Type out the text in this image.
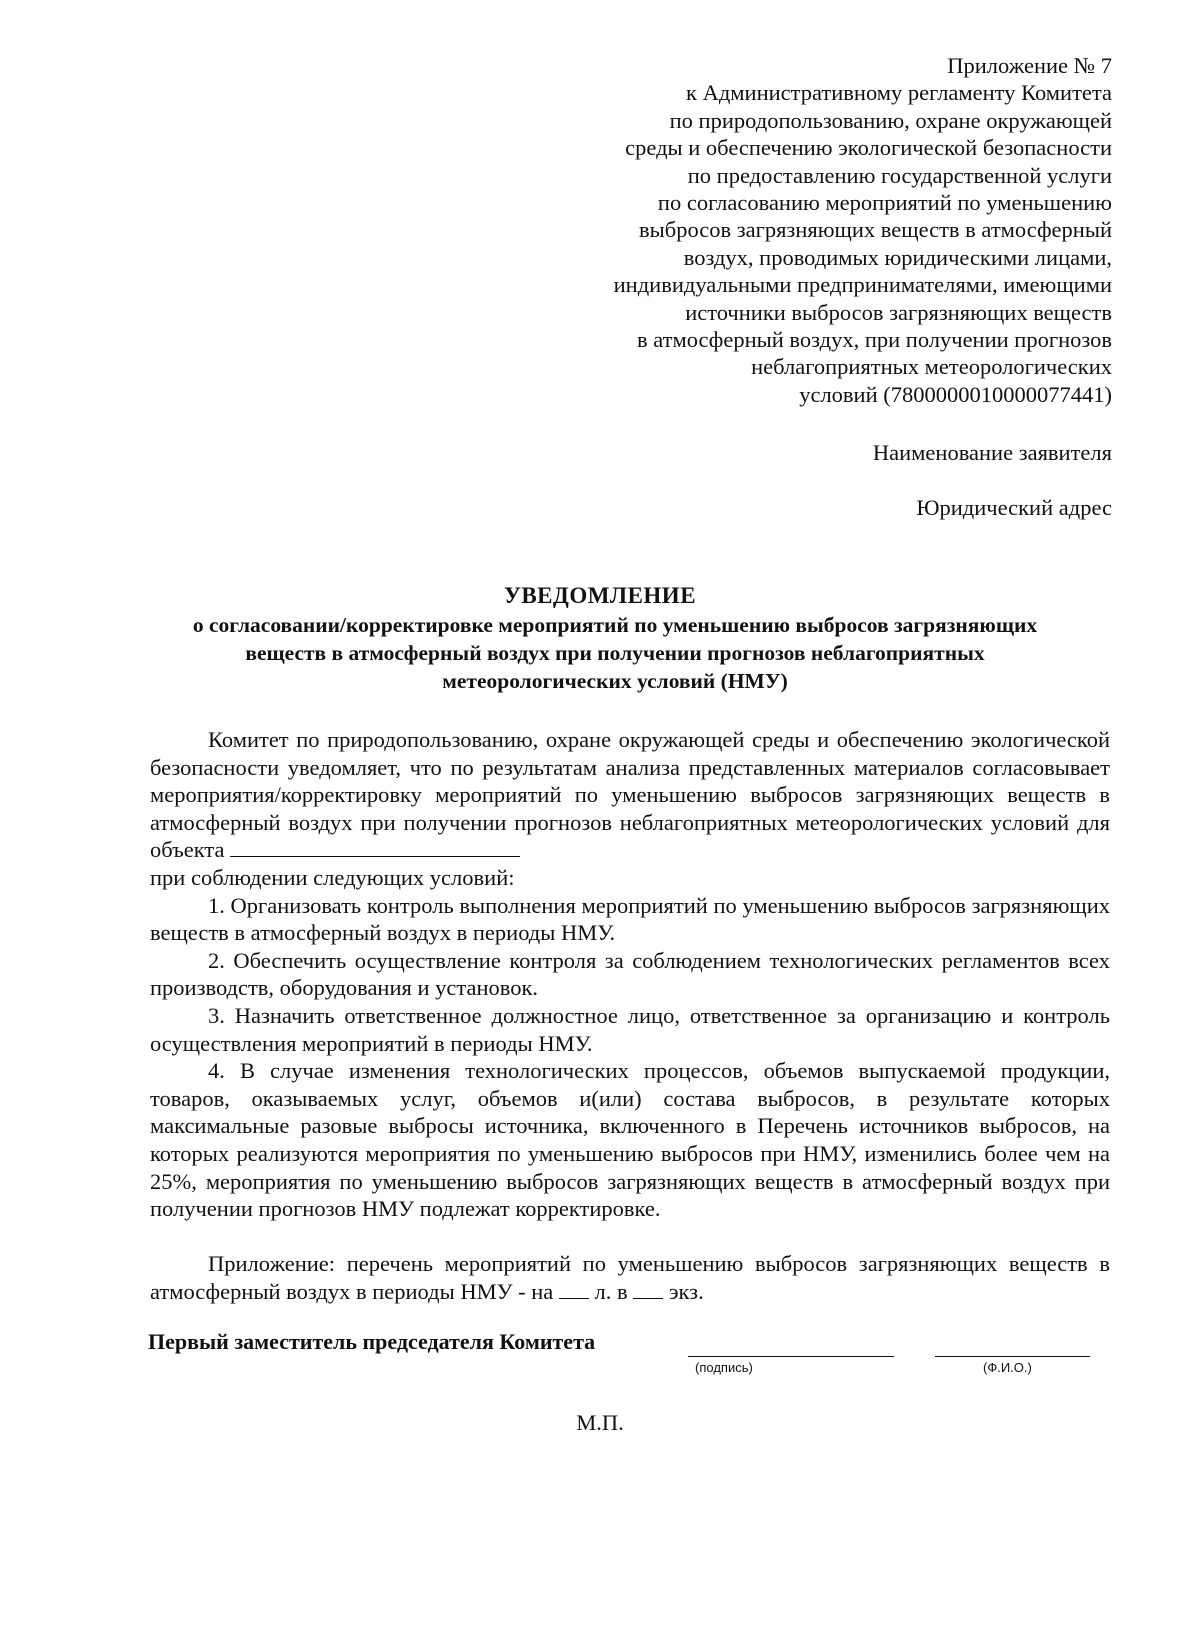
Приложение № 7
к Административному регламенту Комитета
по природопользованию, охране окружающей
среды и обеспечению экологической безопасности
по предоставлению государственной услуги
по согласованию мероприятий по уменьшению
выбросов загрязняющих веществ в атмосферный
воздух, проводимых юридическими лицами,
индивидуальными предпринимателями, имеющими
источники выбросов загрязняющих веществ
в атмосферный воздух, при получении прогнозов
неблагоприятных метеорологических
условий (7800000010000077441)
Наименование заявителя
Юридический адрес
УВЕДОМЛЕНИЕ
о согласовании/корректировке мероприятий по уменьшению выбросов загрязняющих веществ в атмосферный воздух при получении прогнозов неблагоприятных метеорологических условий (НМУ)

Комитет по природопользованию, охране окружающей среды и обеспечению экологической безопасности уведомляет, что по результатам анализа представленных материалов согласовывает мероприятия/корректировку мероприятий по уменьшению выбросов загрязняющих веществ в атмосферный воздух при получении прогнозов неблагоприятных метеорологических условий для объекта

при соблюдении следующих условий:

1. Организовать контроль выполнения мероприятий по уменьшению выбросов загрязняющих веществ в атмосферный воздух в периоды НМУ.

2. Обеспечить осуществление контроля за соблюдением технологических регламентов всех производств, оборудования и установок.

3. Назначить ответственное должностное лицо, ответственное за организацию и контроль осуществления мероприятий в периоды НМУ.

4. В случае изменения технологических процессов, объемов выпускаемой продукции, товаров, оказываемых услуг, объемов и(или) состава выбросов, в результате которых максимальные разовые выбросы источника, включенного в Перечень источников выбросов, на которых реализуются мероприятия по уменьшению выбросов при НМУ, изменились более чем на 25%, мероприятия по уменьшению выбросов загрязняющих веществ в атмосферный воздух при получении прогнозов НМУ подлежат корректировке.

Приложение: перечень мероприятий по уменьшению выбросов загрязняющих веществ в атмосферный воздух в периоды НМУ - на л. в экз.

Первый заместитель председателя Комитета
(подпись)	(Ф.И.О.)
М.П.
